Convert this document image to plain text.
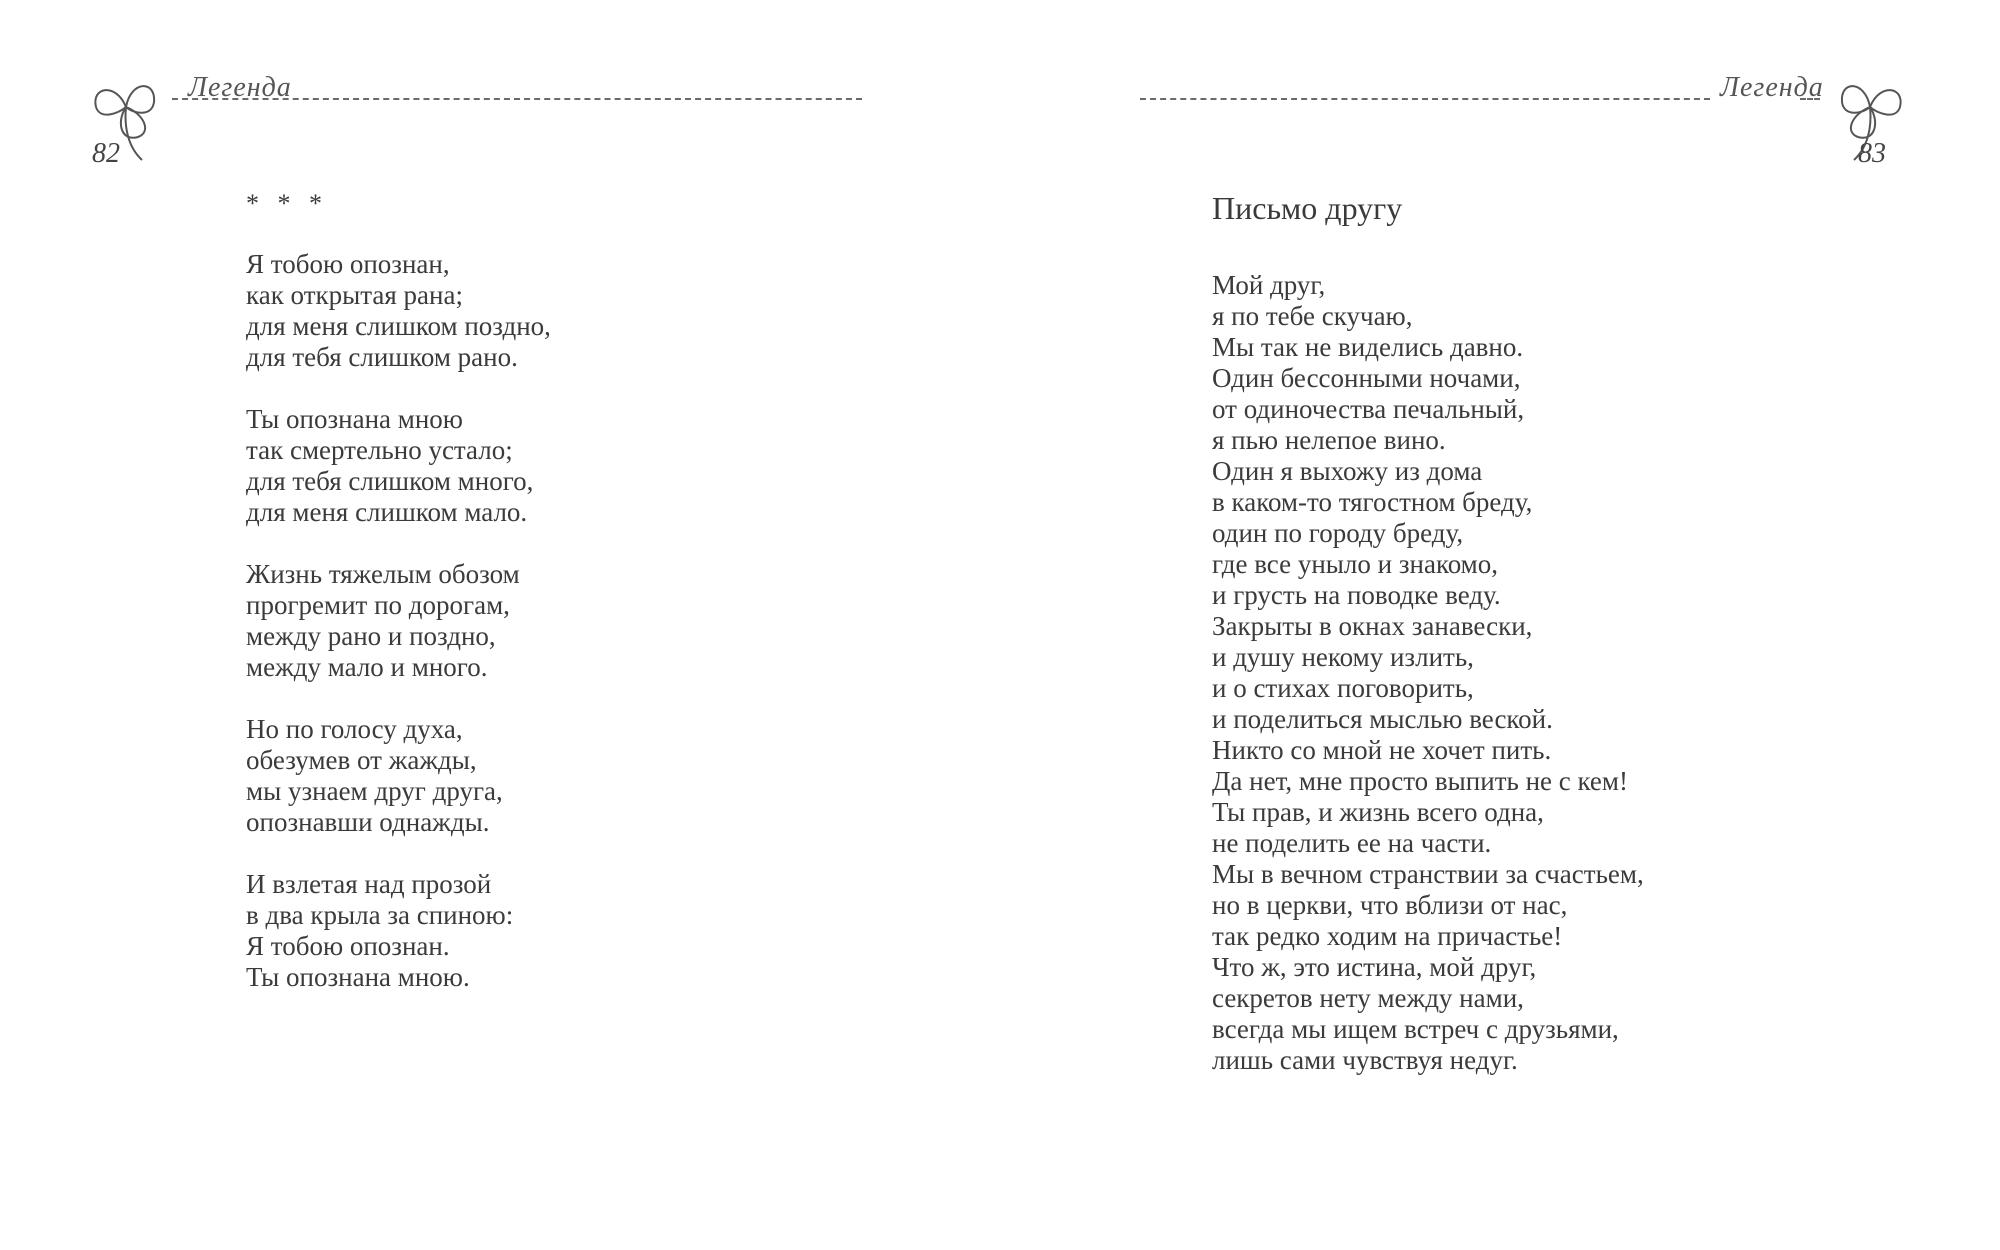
Легенда
82
* * *
Я тобою опознан,
как открытая рана;
для меня слишком поздно,
для тебя слишком рано.
Ты опознана мною
так смертельно устало;
для тебя слишком много,
для меня слишком мало.
Жизнь тяжелым обозом
прогремит по дорогам,
между рано и поздно,
между мало и много.
Но по голосу духа,
обезумев от жажды,
мы узнаем друг друга,
опознавши однажды.
И взлетая над прозой
в два крыла за спиною:
Я тобою опознан.
Ты опознана мною.
Легенда
83
Письмо другу
Мой друг,
я по тебе скучаю,
Мы так не виделись давно.
Один бессонными ночами,
от одиночества печальный,
я пью нелепое вино.
Один я выхожу из дома
в каком-то тягостном бреду,
один по городу бреду,
где все уныло и знакомо,
и грусть на поводке веду.
Закрыты в окнах занавески,
и душу некому излить,
и о стихах поговорить,
и поделиться мыслью веской.
Никто со мной не хочет пить.
Да нет, мне просто выпить не с кем!
Ты прав, и жизнь всего одна,
не поделить ее на части.
Мы в вечном странствии за счастьем,
но в церкви, что вблизи от нас,
так редко ходим на причастье!
Что ж, это истина, мой друг,
секретов нету между нами,
всегда мы ищем встреч с друзьями,
лишь сами чувствуя недуг.
